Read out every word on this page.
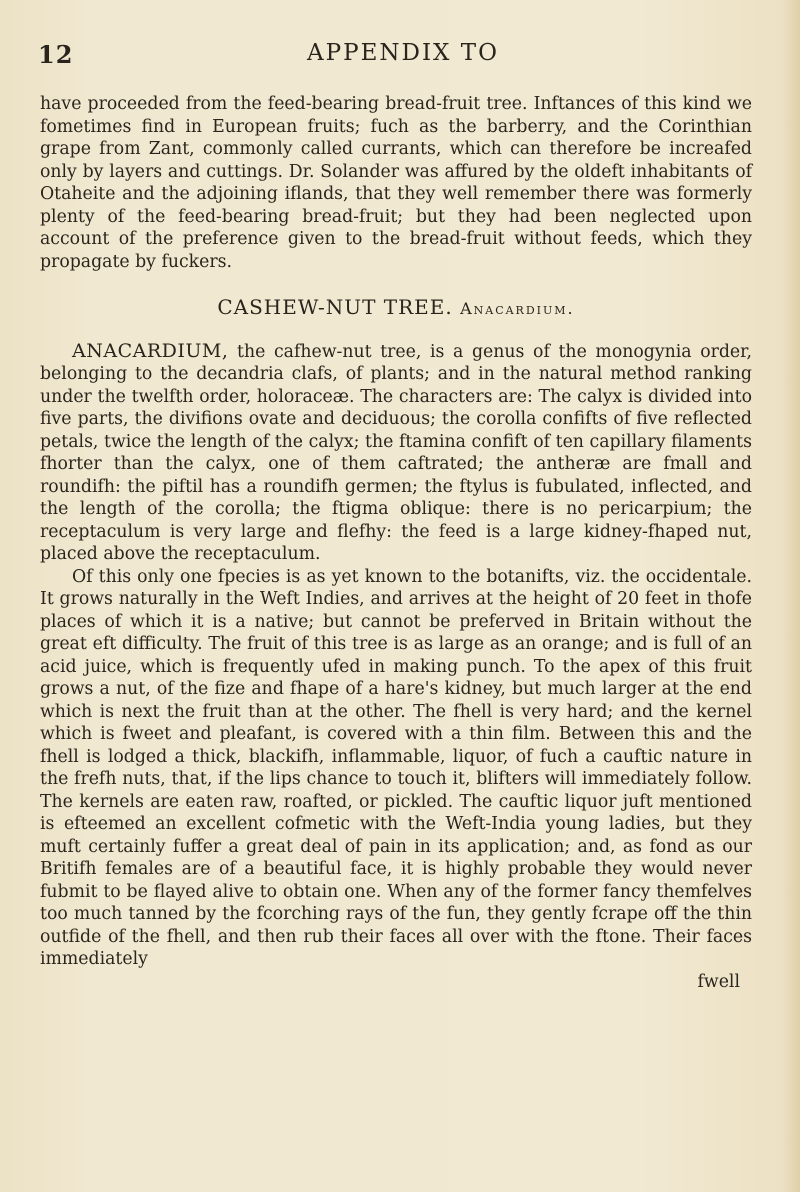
12	APPENDIX TO

have proceeded from the feed-bearing bread-fruit tree. Inftances of this kind we fometimes find in European fruits; fuch as the barberry, and the Corinthian grape from Zant, commonly called currants, which can therefore be increafed only by layers and cuttings. Dr. Solander was affured by the oldeft inhabitants of Otaheite and the adjoining iflands, that they well remember there was formerly plenty of the feed-bearing bread-fruit; but they had been neglected upon account of the preference given to the bread-fruit without feeds, which they propagate by fuckers.

CASHEW-NUT TREE. Anacardium.

ANACARDIUM, the cafhew-nut tree, is a genus of the monogynia order, belonging to the decandria clafs, of plants; and in the natural method ranking under the twelfth order, holoraceæ. The characters are: The calyx is divided into five parts, the divifions ovate and deciduous; the corolla confifts of five reflected petals, twice the length of the calyx; the ftamina confift of ten capillary filaments fhorter than the calyx, one of them caftrated; the antheræ are fmall and roundifh: the piftil has a roundifh germen; the ftylus is fubulated, inflected, and the length of the corolla; the ftigma oblique: there is no pericarpium; the receptaculum is very large and flefhy: the feed is a large kidney-fhaped nut, placed above the receptaculum.

Of this only one fpecies is as yet known to the botanifts, viz. the occidentale. It grows naturally in the Weft Indies, and arrives at the height of 20 feet in thofe places of which it is a native; but cannot be preferved in Britain without the great eft difficulty. The fruit of this tree is as large as an orange; and is full of an acid juice, which is frequently ufed in making punch. To the apex of this fruit grows a nut, of the fize and fhape of a hare's kidney, but much larger at the end which is next the fruit than at the other. The fhell is very hard; and the kernel which is fweet and pleafant, is covered with a thin film. Between this and the fhell is lodged a thick, blackifh, inflammable, liquor, of fuch a cauftic nature in the frefh nuts, that, if the lips chance to touch it, blifters will immediately follow. The kernels are eaten raw, roafted, or pickled. The cauftic liquor juft mentioned is efteemed an excellent cofmetic with the Weft-India young ladies, but they muft certainly fuffer a great deal of pain in its application; and, as fond as our Britifh females are of a beautiful face, it is highly probable they would never fubmit to be flayed alive to obtain one. When any of the former fancy themfelves too much tanned by the fcorching rays of the fun, they gently fcrape off the thin outfide of the fhell, and then rub their faces all over with the ftone. Their faces immediately

fwell
